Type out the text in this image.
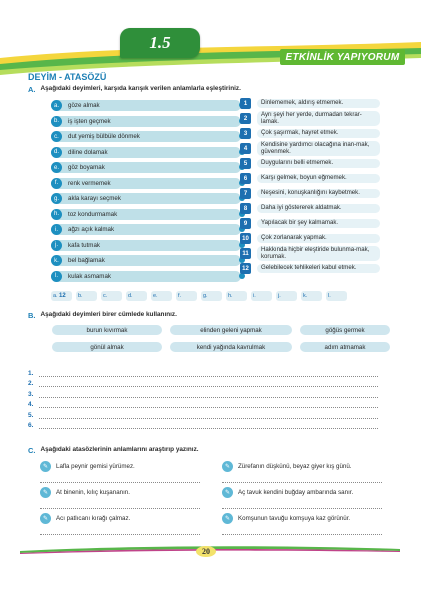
1.5
ETKİNLİK YAPIYORUM
DEYİM - ATASÖZÜ
A. Aşağıdaki deyimleri, karşıda karışık verilen anlamlarla eşleştiriniz.
a.	göze almak
b.	iş işten geçmek
c.	dut yemiş bülbüle dönmek
d.	diline dolamak
e.	göz boyamak
f.	renk vermemek
g.	akla karayı seçmek
h.	toz kondurmamak
i.	ağzı açık kalmak
j.	kafa tutmak
k.	bel bağlamak
l.	kulak asmamak
1	Dinlememek, aldırış etmemek.
2
Ayrı şeyi her yerde, durmadan tekrar-lamak.
3	Çok şaşırmak, hayret etmek.
4
Kendisine yardımcı olacağına inan-mak, güvenmek.
5	Duygularını belli etmemek.
6	Karşı gelmek, boyun eğmemek.
7	Neşesini, konuşkanlığını kaybetmek.
8	Daha iyi göstererek aldatmak.
9	Yapılacak bir şey kalmamak.
10	Çok zorlanarak yapmak.
11
Hakkında hiçbir eleştiride bulunma-mak, korumak.
12	Gelebilecek tehlikeleri kabul etmek.
a. 12 b.	c.	d.	e.	f.	g.	h.	i.	j.	k.	l.
B. Aşağıdaki deyimleri birer cümlede kullanınız.
burun kıvırmak	elinden geleni yapmak	göğüs germek
gönül almak	kendi yağında kavrulmak	adım atmamak
1.
2.
3.
4.
5.
6.
C. Aşağıdaki atasözlerinin anlamlarını araştırıp yazınız.
✎	Lafla peynir gemisi yürümez.	✎	Zürefanın düşkünü, beyaz giyer kış günü.
✎	At binenin, kılıç kuşananın.	✎	Aç tavuk kendini buğday ambarında sanır.
✎	Acı patlıcanı kırağı çalmaz.	✎	Komşunun tavuğu komşuya kaz görünür.
20
